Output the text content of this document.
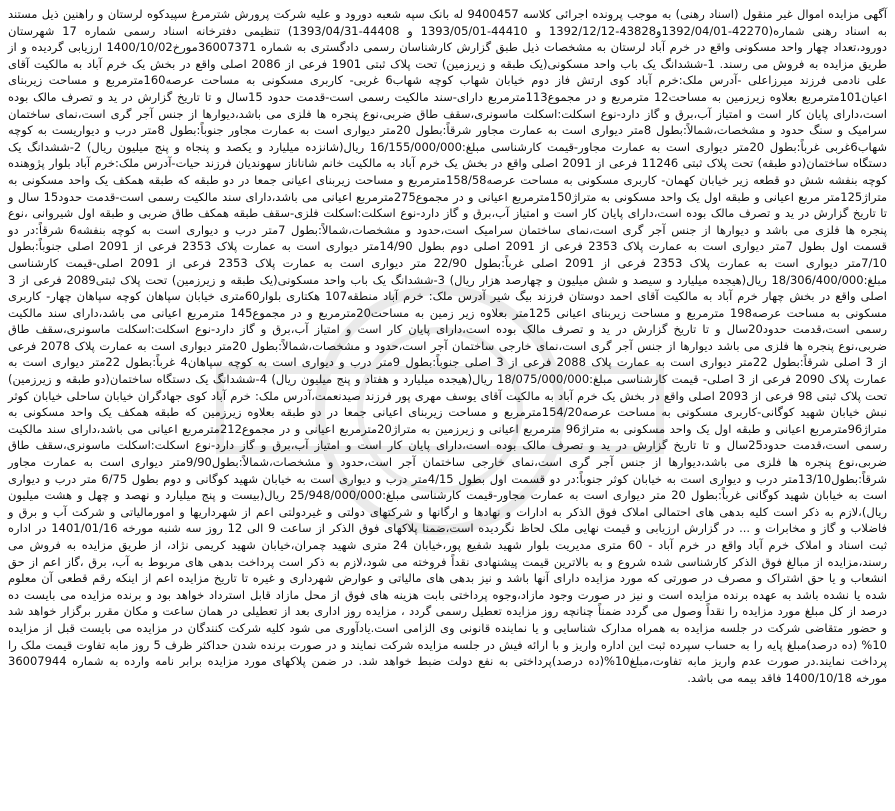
آگهی مزایده اموال غیر منقول (اسناد رهنی) به موجب پرونده اجرائی کلاسه 9400457 له بانک سپه شعبه دورود و علیه شرکت پرورش شترمرغ سپیدکوه لرستان و راهنین ذیل مستند به اسناد رهنی شماره(42270-1392/04/01و43828-1392/12/12 و 44410-1393/05/01 و 44408-1393/04/31) تنظیمی دفترخانه اسناد رسمی شماره 17 شهرستان دورود،تعداد چهار واحد مسکونی واقع در خرم آباد لرستان به مشخصات ذیل طبق گزارش کارشناسان رسمی دادگستری به شماره 36007371مورخ1400/10/02 ارزیابی گردیده و از طریق مزایده به فروش می رسند. 1-ششدانگ یک باب واحد مسکونی(یک طبقه و زیرزمین) تحت پلاک ثبتی 1901 فرعی از 2086 اصلی واقع در بخش یک خرم آباد به مالکیت آقای علی نادمی فرزند میرزاعلی -آدرس ملک:خرم آباد کوی ارتش فاز دوم خیابان شهاب کوچه شهاب6 غربی- کاربری مسکونی به مساحت عرصه160مترمربع و مساحت زیربنای اعیان101مترمربع بعلاوه زیرزمین به مساحت12 مترمربع و در مجموع113مترمربع دارای-سند مالکیت رسمی است-قدمت حدود 15سال و تا تاریخ گزارش در ید و تصرف مالک بوده است،دارای پایان کار است و امتیاز آب،برق و گاز دارد-نوع اسکلت:اسکلت ماسونری،سقف طاق ضربی،نوع پنجره ها فلزی می باشد،دیوارها از جنس آجر گری است،نمای ساختمان سرامیک و سنگ حدود و مشخصات،شمالاً:بطول 8متر دیواری است به عمارت مجاور شرقاً:بطول 20متر دیواری است به عمارت مجاور جنوباً:بطول 8متر درب و دیواریست به کوچه شهاب6غربی غرباً:بطول 20متر دیواری است به عمارت مجاور-قیمت کارشناسی مبلغ:16/155/000/000 ریال(شانزده میلیارد و یکصد و پنجاه و پنج میلیون ریال) 2-ششدانگ یک دستگاه ساختمان(دو طبقه) تحت پلاک ثبتی 11246 فرعی از 2091 اصلی واقع در بخش یک خرم آباد به مالکیت خانم شاناناز سهوندیان فرزند حیات-آدرس ملک:خرم آباد بلوار پژوهنده کوچه بنفشه شش دو قطعه زیر خیابان کهمان- کاربری مسکونی به مساحت عرصه158/58مترمربع و مساحت زیربنای اعیانی جمعا در دو طبقه که طبقه همکف یک واحد مسکونی به متراژ125متر مربع اعیانی و طبقه اول یک واحد مسکونی به متراژ150مترمربع اعیانی و در مجموع275مترمربع اعیانی می باشد،دارای سند مالکیت رسمی است-قدمت حدود15 سال و تا تاریخ گزارش در ید و تصرف مالک بوده است،دارای پایان کار است و امتیاز آب،برق و گاز دارد-نوع اسکلت:اسکلت فلزی-سقف طبقه همکف طاق ضربی و طبقه اول شیروانی ،نوع پنجره ها فلزی می باشد و دیوارها از جنس آجر گری است،نمای ساختمان سرامیک است،حدود و مشخصات،شمالاً:بطول 7متر درب و دیواری است به کوچه بنفشه6 شرقاً:در دو قسمت اول بطول 7متر دیواری است به عمارت پلاک 2353 فرعی از 2091 اصلی دوم بطول 14/90متر دیواری است به عمارت پلاک 2353 فرعی از 2091 اصلی جنوباً:بطول 7/10متر دیواری است به عمارت پلاک 2353 فرعی از 2091 اصلی غرباً:بطول 22/90 متر دیواری است به عمارت پلاک 2353 فرعی از 2091 اصلی-قیمت کارشناسی مبلغ:18/306/400/000 ریال(هیجده میلیارد و سیصد و شش میلیون و چهارصد هزار ریال) 3-ششدانگ یک باب واحد مسکونی(یک طبقه و زیرزمین) تحت پلاک ثبتی2089 فرعی از 3 اصلی واقع در بخش چهار خرم آباد به مالکیت آقای احمد دوستان فرزند بیگ شیر آدرس ملک: خرم آباد منطقه107 هکتاری بلوار60متری خیابان سپاهان کوچه سپاهان چهار- کاربری مسکونی به مساحت عرصه198 مترمربع و مساحت زیربنای اعیانی 125متر بعلاوه زیر زمین به مساحت20مترمربع و در مجموع145 مترمربع اعیانی می باشد،دارای سند مالکیت رسمی است،قدمت حدود20سال و تا تاریخ گزارش در ید و تصرف مالک بوده است،دارای پایان کار است و امتیاز آب،برق و گاز دارد-نوع اسکلت:اسکلت ماسونری،سقف طاق ضربی،نوع پنجره ها فلزی می باشد دیوارها از جنس آجر گری است،نمای خارجی ساختمان آجر است،حدود و مشخصات،شمالاً:بطول 20متر دیواری است به عمارت پلاک 2078 فرعی از 3 اصلی شرقاً:بطول 22متر دیواری است به عمارت پلاک 2088 فرعی از 3 اصلی جنوباً:بطول 9متر درب و دیواری است به کوچه سپاهان4 غرباً:بطول 22متر دیواری است به عمارت پلاک 2090 فرعی از 3 اصلی- قیمت کارشناسی مبلغ:18/075/000/000 ریال(هیجده میلیارد و هفتاد و پنج میلیون ریال) 4-ششدانگ یک دستگاه ساختمان(دو طبقه و زیرزمین) تحت پلاک ثبتی 98 فرعی از 2093 اصلی واقع در بخش یک خرم آباد به مالکیت آقای یوسف مهری پور فرزند صیدنعمت،آدرس ملک: خرم آباد کوی جهادگران خیابان ساحلی خیابان کوثر نبش خیابان شهید کوگانی-کاربری مسکونی به مساحت عرصه154/20مترمربع و مساحت زیربنای اعیانی جمعا در دو طبقه بعلاوه زیرزمین که طبقه همکف یک واحد مسکونی به متراژ96مترمربع اعیانی و طبقه اول یک واحد مسکونی به متراژ96 مترمربع اعیانی و زیرزمین به متراژ20مترمربع اعیانی و در مجموع212مترمربع اعیانی می باشد،دارای سند مالکیت رسمی است،قدمت حدود25سال و تا تاریخ گزارش در ید و تصرف مالک بوده است،دارای پایان کار است و امتیاز آب،برق و گاز دارد-نوع اسکلت:اسکلت ماسونری،سقف طاق ضربی،نوع پنجره ها فلزی می باشد،دیوارها از جنس آجر گری است،نمای خارجی ساختمان آجر است،حدود و مشخصات،شمالاً:بطول9/90متر دیواری است به عمارت مجاور شرقاً:بطول13/10متر درب و دیواری است به خیابان کوثر جنوباً:در دو قسمت اول بطول 4/15متر درب و دیواری است به خیابان شهید کوگانی و دوم بطول 6/75 متر درب و دیواری است به خیابان شهید کوگانی غرباً:بطول 20 متر دیواری است به عمارت مجاور-قیمت کارشناسی مبلغ:25/948/000/000 ریال(بیست و پنج میلیارد و نهصد و چهل و هشت میلیون ریال)،لازم به ذکر است کلیه بدهی های احتمالی املاک فوق الذکر به ادارات و نهادها و ارگانها و شرکتهای دولتی و غیردولتی اعم از شهرداریها و امورمالیاتی و شرکت آب و برق و فاضلاب و گاز و مخابرات و ... در گزارش ارزیابی و قیمت نهایی ملک لحاظ نگردیده است،ضمنا پلاکهای فوق الذکر از ساعت 9 الی 12 روز سه شنبه مورخه 1401/01/16 در اداره ثبت اسناد و املاک خرم آباد واقع در خرم آباد - 60 متری مدیریت بلوار شهید شفیع پور،خیابان 24 متری شهید چمران،خیابان شهید کریمی نژاد، از طریق مزایده به فروش می رسند،مزایده از مبالغ فوق الذکر کارشناسی شده شروع و به بالاترین قیمت پیشنهادی نقداً فروخته می شود،لازم به ذکر است پرداخت بدهی های مربوط به آب، برق ،گاز اعم از حق انشعاب و یا حق اشتراک و مصرف در صورتی که مورد مزایده دارای آنها باشد و نیز بدهی های مالیاتی و عوارض شهرداری و غیره تا تاریخ مزایده اعم از اینکه رقم قطعی آن معلوم شده یا نشده باشد به عهده برنده مزایده است و نیز در صورت وجود مازاد،وجوه پرداختی بابت هزینه های فوق از محل مازاد قابل استرداد خواهد بود و برنده مزایده می بایست ده درصد از کل مبلغ مورد مزایده را نقداً وصول می گردد ضمناً چنانچه روز مزایده تعطیل رسمی گردد ، مزایده روز اداری بعد از تعطیلی در همان ساعت و مکان مقرر برگزار خواهد شد و حضور متقاضی شرکت در جلسه مزایده به همراه مدارک شناسایی و یا نماینده قانونی وی الزامی است.یادآوری می شود کلیه شرکت کنندگان در مزایده می بایست قبل از مزایده 10% (ده درصد)مبلغ پایه را به حساب سپرده ثبت این اداره واریز و با ارائه فیش در جلسه مزایده شرکت نمایند و در صورت برنده شدن حداکثر ظرف 5 روز مابه تفاوت قیمت ملک را پرداخت نمایند.در صورت عدم واریز مابه تفاوت،مبلغ10%(ده درصد)پرداختی به نفع دولت ضبط خواهد شد. در ضمن پلاکهای مورد مزایده برابر نامه وارده به شماره 36007944 مورخه 1400/10/18 فاقد بیمه می باشد.
